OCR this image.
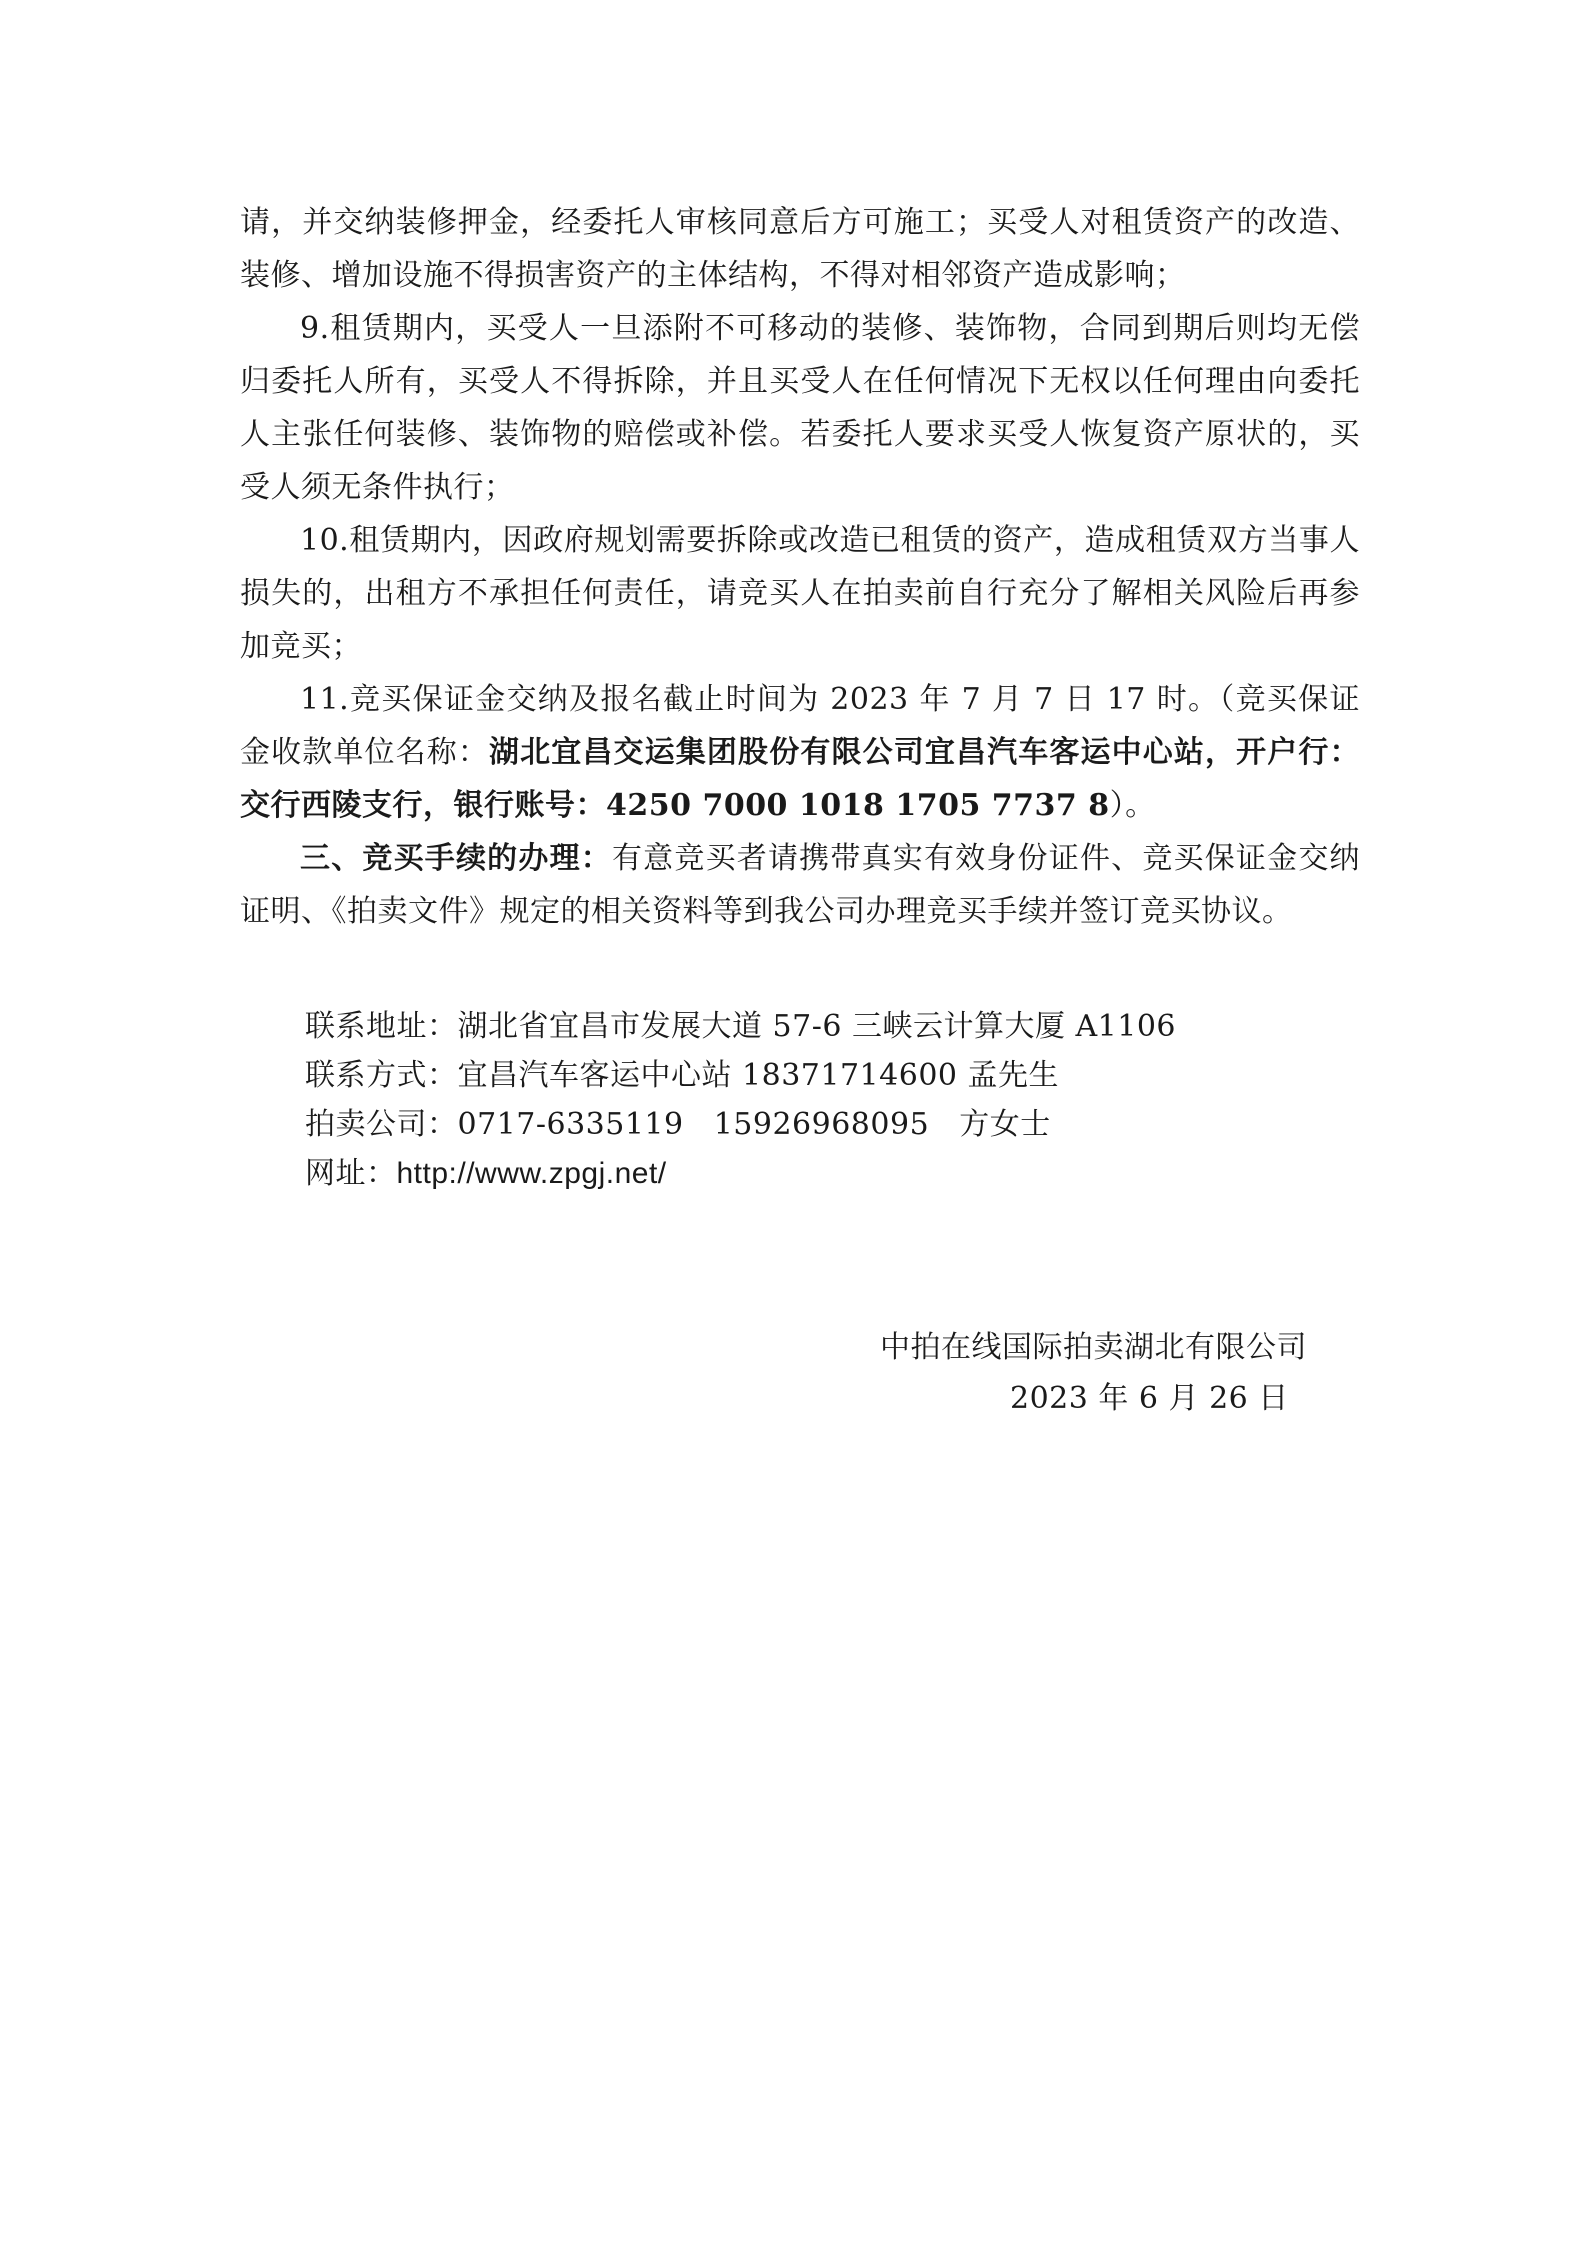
请，并交纳装修押金，经委托人审核同意后方可施工；买受人对租赁资产的改造、装修、增加设施不得损害资产的主体结构，不得对相邻资产造成影响；

9.租赁期内，买受人一旦添附不可移动的装修、装饰物，合同到期后则均无偿归委托人所有，买受人不得拆除，并且买受人在任何情况下无权以任何理由向委托人主张任何装修、装饰物的赔偿或补偿。若委托人要求买受人恢复资产原状的，买受人须无条件执行；

10.租赁期内，因政府规划需要拆除或改造已租赁的资产，造成租赁双方当事人损失的，出租方不承担任何责任，请竞买人在拍卖前自行充分了解相关风险后再参加竞买；

11.竞买保证金交纳及报名截止时间为 2023 年 7 月 7 日 17 时。（竞买保证金收款单位名称：湖北宜昌交运集团股份有限公司宜昌汽车客运中心站，开户行：交行西陵支行，银行账号：4250 7000 1018 1705 7737 8）。

三、竞买手续的办理：有意竞买者请携带真实有效身份证件、竞买保证金交纳证明、《拍卖文件》规定的相关资料等到我公司办理竞买手续并签订竞买协议。

联系地址：湖北省宜昌市发展大道 57-6 三峡云计算大厦 A1106
联系方式：宜昌汽车客运中心站 18371714600 孟先生
拍卖公司：0717-6335119   15926968095   方女士
网址：http://www.zpgj.net/
中拍在线国际拍卖湖北有限公司
2023 年 6 月 26 日
